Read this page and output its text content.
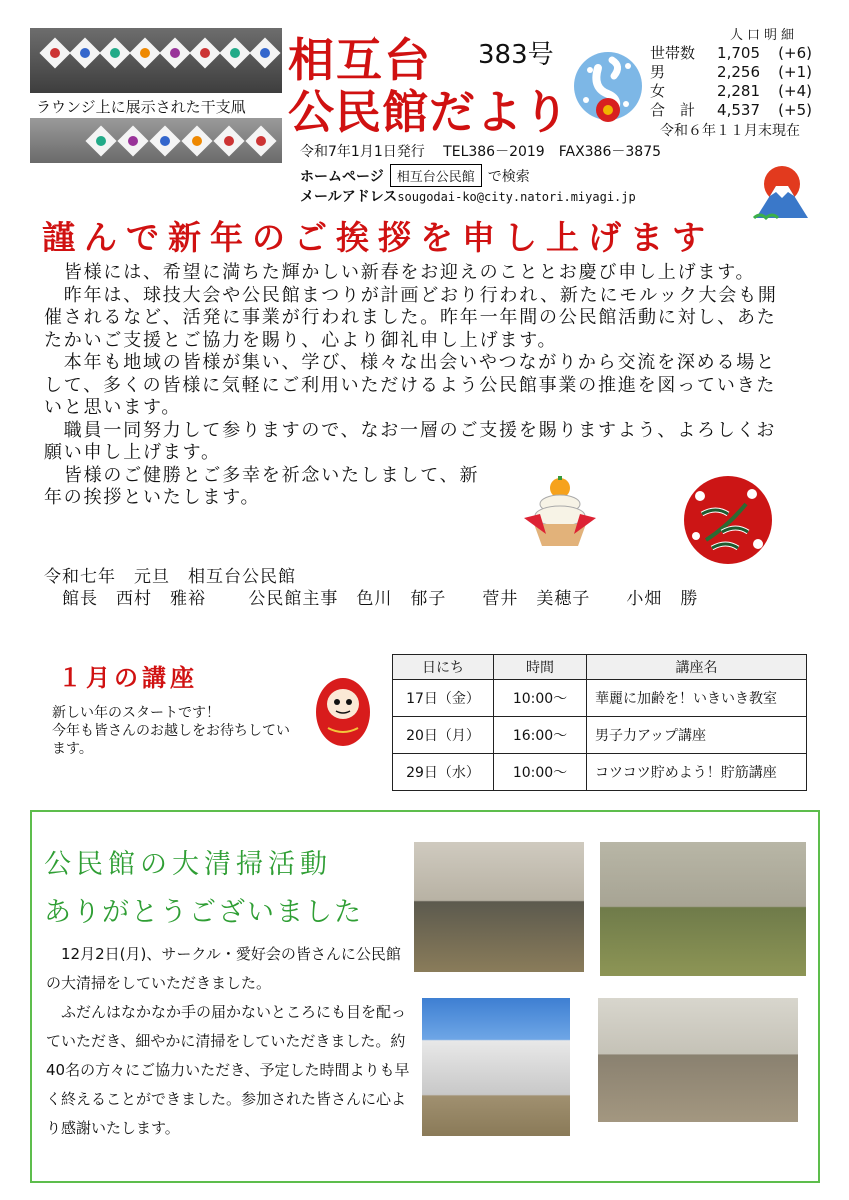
ラウンジ上に展示された干支凧
相互台
公民館だより
383号
人口明細
世帯数	1,705	(+6)
男	2,256	(+1)
女	2,281	(+4)
合　計	4,537	(+5)
令和６年１１月末現在
令和7年1月1日発行　 TEL386－2019　FAX386－3875
ホームページ	相互台公民館 で検索
メールアドレスsougodai-ko@city.natori.miyagi.jp
謹んで新年のご挨拶を申し上げます

　皆様には、希望に満ちた輝かしい新春をお迎えのこととお慶び申し上げます。

　昨年は、球技大会や公民館まつりが計画どおり行われ、新たにモルック大会も開催されるなど、活発に事業が行われました。昨年一年間の公民館活動に対し、あたたかいご支援とご協力を賜り、心より御礼申し上げます。

　本年も地域の皆様が集い、学び、様々な出会いやつながりから交流を深める場として、多くの皆様に気軽にご利用いただけるよう公民館事業の推進を図っていきたいと思います。

　職員一同努力して参りますので、なお一層のご支援を賜りますよう、よろしくお願い申し上げます。

　皆様のご健勝とご多幸を祈念いたしまして、新年の挨拶といたします。

令和七年　元旦　相互台公民館
館長　西村　雅裕　　 公民館主事　色川　郁子　　菅井　美穂子　　小畑　勝
１月の講座
新しい年のスタートです！
今年も皆さんのお越しをお待ちしています。
日にち	時間	講座名
17日（金）	10:00～	華麗に加齢を！いきいき教室
20日（月）	16:00～	男子力アップ講座
29日（水）	10:00～	コツコツ貯めよう！貯筋講座
公民館の大清掃活動
ありがとうございました

12月2日(月)、サークル・愛好会の皆さんに公民館の大清掃をしていただきました。

ふだんはなかなか手の届かないところにも目を配っていただき、細やかに清掃をしていただきました。約40名の方々にご協力いただき、予定した時間よりも早く終えることができました。参加された皆さんに心より感謝いたします。
